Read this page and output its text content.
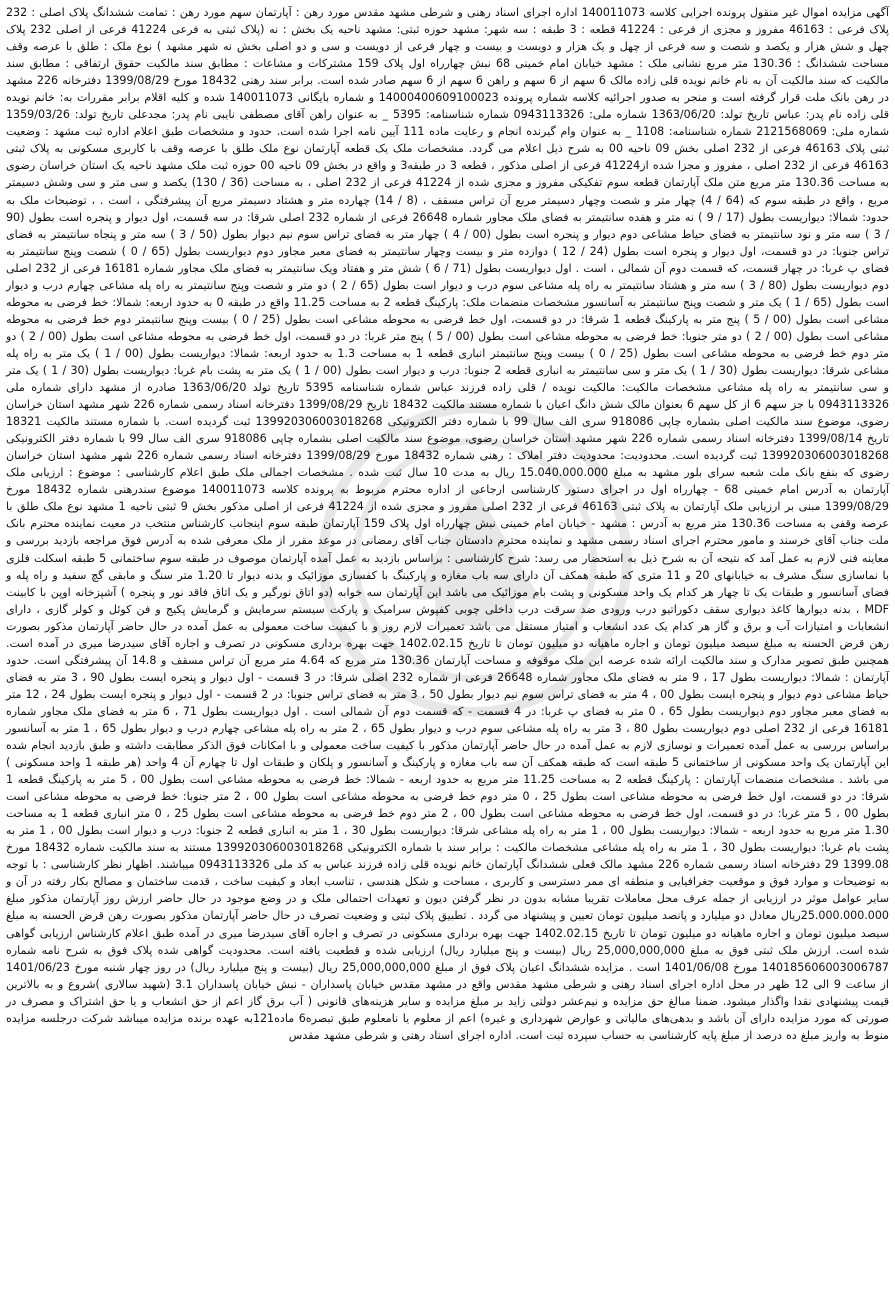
آگهی مزایده اموال غیر منقول پرونده اجرایی کلاسه 140011073 اداره اجرای اسناد رهنی و شرطی مشهد مقدس مورد رهن : آپارتمان سهم مورد رهن : تمامت ششدانگ پلاک اصلی : 232 پلاک فرعی : 46163 مفروز و مجزی از فرعی : 41224 قطعه : 3 طبقه : سه شهر: مشهد حوزه ثبتی: مشهد ناحیه یک بخش : نه (پلاک ثبتی به فرعی 41224 فرعی از اصلی 232 پلاک چهل و شش هزار و یکصد و شصت و سه فرعی از چهل و یک هزار و دویست و بیست و چهار فرعی از دویست و سی و دو اصلی بخش نه شهر مشهد ) نوع ملک : طلق با عرصه وقف مساحت ششدانگ : 130.36 متر مربع نشانی ملک : مشهد خیابان امام خمینی 68 نبش چهارراه اول پلاک 159 مشترکات و مشاعات : مطابق سند مالکیت حقوق ارتفاقی : مطابق سند مالکیت که سند مالکیت آن به نام خانم نویده قلی زاده مالک 6 سهم از 6 سهم و راهن 6 سهم از 6 سهم صادر شده است. برابر سند رهنی 18432 مورخ 1399/08/29 دفترخانه 226 مشهد در رهن بانک ملت قرار گرفته است و منجر به صدور اجرائیه کلاسه شماره پرونده 14000400609100023 و شماره بایگانی 140011073 شده و کلیه اقلام برابر مقررات به: خانم نویده قلی زاده نام پدر: عباس تاریخ تولد: 1363/06/20 شماره ملی: 0943113326 شماره شناسنامه: 5395 _ به عنوان راهن آقای مصطفی نایبی نام پدر: مجدعلی تاریخ تولد: 1359/03/26 شماره ملی: 2121568069 شماره شناسنامه: 1108 _ به عنوان وام گیرنده انجام و رعایت ماده 111 آیین نامه اجرا شده است. حدود و مشخصات طبق اعلام اداره ثبت مشهد : وضعیت ثبتی پلاک 46163 فرعی از 232 اصلی بخش 09 ناحیه 00 به شرح ذیل اعلام می گردد. مشخصات ملک یک قطعه آپارتمان نوع ملک طلق با عرصه وقف با کاربری مسکونی به پلاک ثبتی 46163 فرعی از 232 اصلی ، مفروز و مجزا شده از41224 فرعی از اصلی مذکور ، قطعه 3 در طبقه3 و واقع در بخش 09 ناحیه 00 حوزه ثبت ملک مشهد ناحیه یک استان خراسان رضوی به مساحت 130.36 متر مربع متن ملک آپارتمان قطعه سوم تفکیکی مفروز و مجزی شده از 41224 فرعی از 232 اصلی ، به مساحت (36 / 130) یکصد و سی متر و سی وشش دسیمتر مربع ، واقع در طبقه سوم که (64 / 4) چهار متر و شصت وچهار دسیمتر مربع آن تراس مسقف ، (8 / 14) چهارده متر و هشتاد دسیمتر مربع آن پیشرفتگی ، است . ، توضیحات ملک به حدود: شمالا: دیواریست بطول (17 / 9 ) نه متر و هفده سانتیمتر به فضای ملک مجاور شماره 26648 فرعی از شماره 232 اصلی شرقا: در سه قسمت، اول دیوار و پنجره است بطول (90 / 3 ) سه متر و نود سانتیمتر به فضای حیاط مشاعی دوم دیوار و پنجره است بطول (00 / 4 ) چهار متر به فضای تراس سوم نیم دیوار بطول (50 / 3 ) سه متر و پنجاه سانتیمتر به فضای تراس جنوبا: در دو قسمت، اول دیوار و پنجره است بطول (24 / 12 ) دوازده متر و بیست وچهار سانتیمتر به فضای معبر مجاور دوم دیواریست بطول (65 / 0 ) شصت وپنج سانتیمتر به فضای پ غربا: در چهار قسمت، که قسمت دوم آن شمالی ، است . اول دیواریست بطول (71 / 6 ) شش متر و هفتاد ویک سانتیمتر به فضای ملک مجاور شماره 16181 فرعی از 232 اصلی دوم دیواریست بطول (80 / 3 ) سه متر و هشتاد سانتیمتر به راه پله مشاعی سوم درب و دیوار است بطول (65 / 2 ) دو متر و شصت وپنج سانتیمتر به راه پله مشاعی چهارم درب و دیوار است بطول (65 / 1 ) یک متر و شصت وپنج سانتیمتر به آسانسور مشخصات منضمات ملک: پارکینگ قطعه 2 به مساحت 11.25 واقع در طبقه 0 به حدود اربعه: شمالا: خط فرضی به محوطه مشاعی است بطول (00 / 5 ) پنج متر به پارکینگ قطعه 1 شرقا: در دو قسمت، اول خط فرضی به محوطه مشاعی است بطول (25 / 0 ) بیست وپنج سانتیمتر دوم خط فرضی به محوطه مشاعی است بطول (00 / 2 ) دو متر جنوبا: خط فرضی به محوطه مشاعی است بطول (00 / 5 ) پنج متر غربا: در دو قسمت، اول خط فرضی به محوطه مشاعی است بطول (00 / 2 ) دو متر دوم خط فرضی به محوطه مشاعی است بطول (25 / 0 ) بیست وپنج سانتیمتر انباری قطعه 1 به مساحت 1.3 به حدود اربعه: شمالا: دیواریست بطول (00 / 1 ) یک متر به راه پله مشاعی شرقا: دیواریست بطول (30 / 1 ) یک متر و سی سانتیمتر به انباری قطعه 2 جنوبا: درب و دیوار است بطول (00 / 1 ) یک متر به پشت بام غربا: دیواریست بطول (30 / 1 ) یک متر و سی سانتیمتر به راه پله مشاعی مشخصات مالکیت: مالکیت نویده / قلی زاده فرزند عباس شماره شناسنامه 5395 تاریخ تولد 1363/06/20 صادره از مشهد دارای شماره ملی 0943113326 با جز سهم 6 از کل سهم 6 بعنوان مالک شش دانگ اعیان با شماره مستند مالکیت 18432 تاریخ 1399/08/29 دفترخانه اسناد رسمی شماره 226 شهر مشهد استان خراسان رضوی، موضوع سند مالکیت اصلی بشماره چاپی 918086 سری الف سال 99 با شماره دفتر الکترونیکی 139920306003018268 ثبت گردیده است. با شماره مستند مالکیت 18321 تاریخ 1399/08/14 دفترخانه اسناد رسمی شماره 226 شهر مشهد استان خراسان رضوی، موضوع سند مالکیت اصلی بشماره چاپی 918086 سری الف سال 99 با شماره دفتر الکترونیکی 139920306003018268 ثبت گردیده است. محدودیت: محدودیت دفتر املاک : رهنی شماره 18432 مورخ 1399/08/29 دفترخانه اسناد رسمی شماره 226 شهر مشهد استان خراسان رضوی که بنفع بانک ملت شعبه سرای بلور مشهد به مبلغ 15.040.000.000 ریال به مدت 10 سال ثبت شده . مشخصات اجمالی ملک طبق اعلام کارشناسی : موضوع : ارزیابی ملک آپارتمان به آدرس امام خمینی 68 - چهارراه اول در اجرای دستور کارشناسی ارجاعی از اداره محترم مربوط به پرونده کلاسه 140011073 موضوع سندرهنی شماره 18432 مورخ 1399/08/29 مبنی بر ارزیابی ملک آپارتمان به پلاک ثبتی 46163 فرعی از 232 اصلی مفروز و مجزی شده از 41224 فرعی از اصلی مذکور بخش 9 ثبتی ناحیه 1 مشهد نوع ملک طلق با عرصه وقفی به مساحت 130.36 متر مربع به آدرس : مشهد - خیابان امام خمینی نبش چهارراه اول پلاک 159 آپارتمان طبقه سوم اینجانب کارشناس منتخب در معیت نماینده محترم بانک ملت جناب آقای خرسند و مامور محترم اجرای اسناد رسمی مشهد و نماینده محترم دادستان جناب آقای رمضانی در موعد مقرر از ملک معرفی شده به آدرس فوق مراجعه بازدید بررسی و معاینه فنی لازم به عمل آمد که نتیجه آن به شرح ذیل به استحضار می رسد: شرح کارشناسی : براساس بازدید به عمل آمده آپارتمان موصوف در طبقه سوم ساختمانی 5 طبقه اسکلت فلزی با نماسازی سنگ مشرف به خیابانهای 20 و 11 متری که طبقه همکف آن دارای سه باب مغازه و پارکینگ با کفسازی موزائیک و بدنه دیوار تا 1.20 متر سنگ و مابقی گچ سفید و راه پله و فضای آسانسور و طبقات یک تا چهار هر کدام یک واحد مسکونی و پشت بام موزائیک می باشد این آپارتمان سه خوابه (دو اتاق نورگیر و یک اتاق فاقد نور و پنجره ) آشپزخانه اوپن با کابینت MDF ، بدنه دیوارها کاغذ دیواری سقف دکوراتیو درب ورودی ضد سرقت درب داخلی چوبی کفپوش سرامیک و پارکت سیستم سرمایش و گرمایش پکیج و فن کوئل و کولر گازی ، دارای انشعابات و امتیازات آب و برق و گاز هر کدام یک عدد انشعاب و امتیاز مستقل می باشد تعمیرات لازم روز و با کیفیت ساخت معمولی به عمل آمده در حال حاضر آپارتمان مذکور بصورت رهن قرض الحسنه به مبلغ سیصد میلیون تومان و اجاره ماهیانه دو میلیون تومان تا تاریخ 1402.02.15 جهت بهره برداری مسکونی در تصرف و اجاره آقای سیدرضا میری در آمده است. همچنین طبق تصویر مدارک و سند مالکیت ارائه شده عرصه این ملک موقوفه و مساحت آپارتمان 130.36 متر مربع که 4.64 متر مربع آن تراس مسقف و 14.8 آن پیشرفتگی است. حدود آپارتمان : شمالا: دیواریست بطول 17 ، 9 متر به فضای ملک مجاور شماره 26648 فرعی از شماره 232 اصلی شرقا: در 3 قسمت - اول دیوار و پنجره ایست بطول 90 ، 3 متر به فضای حیاط مشاعی دوم دیوار و پنجره ایست بطول 00 ، 4 متر به فضای تراس سوم نیم دیوار بطول 50 ، 3 متر به فضای تراس جنوبا: در 2 قسمت - اول دیوار و پنجره ایست بطول 24 ، 12 متر به فضای معبر مجاور دوم دیواریست بطول 65 ، 0 متر به فضای پ غربا: در 4 قسمت - که قسمت دوم آن شمالی است . اول دیواریست بطول 71 ، 6 متر به فضای ملک مجاور شماره 16181 فرعی از 232 اصلی دوم دیواریست بطول 80 ، 3 متر به راه پله مشاعی سوم درب و دیوار بطول 65 ، 2 متر به راه پله مشاعی چهارم درب و دیوار بطول 65 ، 1 متر به آسانسور براساس بررسی به عمل آمده تعمیرات و نوسازی لازم به عمل آمده در حال حاضر آپارتمان مذکور با کیفیت ساخت معمولی و با امکانات فوق الذکر مطابقت داشته و طبق بازدید انجام شده این آپارتمان یک واحد مسکونی از ساختمانی 5 طبقه است که طبقه همکف آن سه باب مغازه و پارکینگ و آسانسور و پلکان و طبقات اول تا چهارم آن 4 واحد (هر طبقه 1 واحد مسکونی ) می باشد . مشخصات منضمات آپارتمان : پارکینگ قطعه 2 به مساحت 11.25 متر مربع به حدود اربعه - شمالا: خط فرضی به محوطه مشاعی است بطول 00 ، 5 متر به پارکینگ قطعه 1 شرقا: در دو قسمت، اول خط فرضی به محوطه مشاعی است بطول 25 ، 0 متر دوم خط فرضی به محوطه مشاعی است بطول 00 ، 2 متر جنوبا: خط فرضی به محوطه مشاعی است بطول 00 ، 5 متر غربا: در دو قسمت، اول خط فرضی به محوطه مشاعی است بطول 00 ، 2 متر دوم خط فرضی به محوطه مشاعی است بطول 25 ، 0 متر انباری قطعه 1 به مساحت 1.30 متر مربع به حدود اربعه - شمالا: دیواریست بطول 00 ، 1 متر به راه پله مشاعی شرقا: دیواریست بطول 30 ، 1 متر به انباری قطعه 2 جنوبا: درب و دیوار است بطول 00 ، 1 متر به پشت بام غربا: دیواریست بطول 30 ، 1 متر به راه پله مشاعی مشخصات مالکیت : برابر سند با شماره الکترونیکی 139920306003018268 مستند به سند مالکیت شماره 18432 مورخ 1399.08 29 دفترخانه اسناد رسمی شماره 226 مشهد مالک فعلی ششدانگ آپارتمان خانم نویده قلی زاده فرزند عباس به کد ملی 0943113326 میباشند. اظهار نظر کارشناسی : با توجه به توضیحات و موارد فوق و موقعیت جغرافیایی و منطقه ای ممر دسترسی و کاربری ، مساحت و شکل هندسی ، تناسب ابعاد و کیفیت ساخت ، قدمت ساختمان و مصالح بکار رفته در آن و سایر عوامل موثر در ارزیابی از جمله عرف محل معاملات تقریبا مشابه بدون در نظر گرفتن دیون و تعهدات احتمالی ملک و در وضع موجود در حال حاضر ارزش روز آپارتمان مذکور مبلغ 25.000.000.000ریال معادل دو میلیارد و پانصد میلیون تومان تعیین و پیشنهاد می گردد . تطبیق پلاک ثبتی و وضعیت تصرف در حال حاضر آپارتمان مذکور بصورت رهن قرض الحسنه به مبلغ سیصد میلیون تومان و اجاره ماهیانه دو میلیون تومان تا تاریخ 1402.02.15 جهت بهره برداری مسکونی در تصرف و اجاره آقای سیدرضا میری در آمده طبق اعلام کارشناس ارزیابی گواهی شده است. ارزش ملک ثبتی فوق به مبلغ 25,000,000,000 ریال (بیست و پنج میلیارد ریال) ارزیابی شده و قطعیت یافته است. محدودیت گواهی شده پلاک فوق به شرح نامه شماره 140185606003006787 مورخ 1401/06/08 است . مزایده ششدانگ اعیان پلاک فوق از مبلغ 25,000,000,000 ریال (بیست و پنج میلیارد ریال) در روز چهار شنبه مورخ 1401/06/23 از ساعت 9 الی 12 ظهر در محل اداره اجرای اسناد رهنی و شرطی مشهد مقدس واقع در مشهد مقدس خیابان پاسداران - نبش خیابان پاسداران 3.1 (شهید سالاری )شروع و به بالاترین قیمت پیشنهادی نقدا واگذار میشود. ضمنا مبالغ حق مزایده و نیم‌عشر دولتی زاید بر مبلغ مزایده و سایر هزینه‌های قانونی ( آب برق گاز اعم از حق انشعاب و یا حق اشتراک و مصرف در صورتی که مورد مزایده دارای آن باشد و بدهی‌های مالیاتی و عوارض شهرداری و غیره) اعم از معلوم یا نامعلوم طبق تبصره‌6 ماده121به عهده برنده مزایده میباشد شرکت درجلسه مزایده منوط به واریز مبلغ ده درصد از مبلغ پایه کارشناسی به حساب سپرده ثبت است. اداره اجرای اسناد رهنی و شرطی مشهد مقدس
